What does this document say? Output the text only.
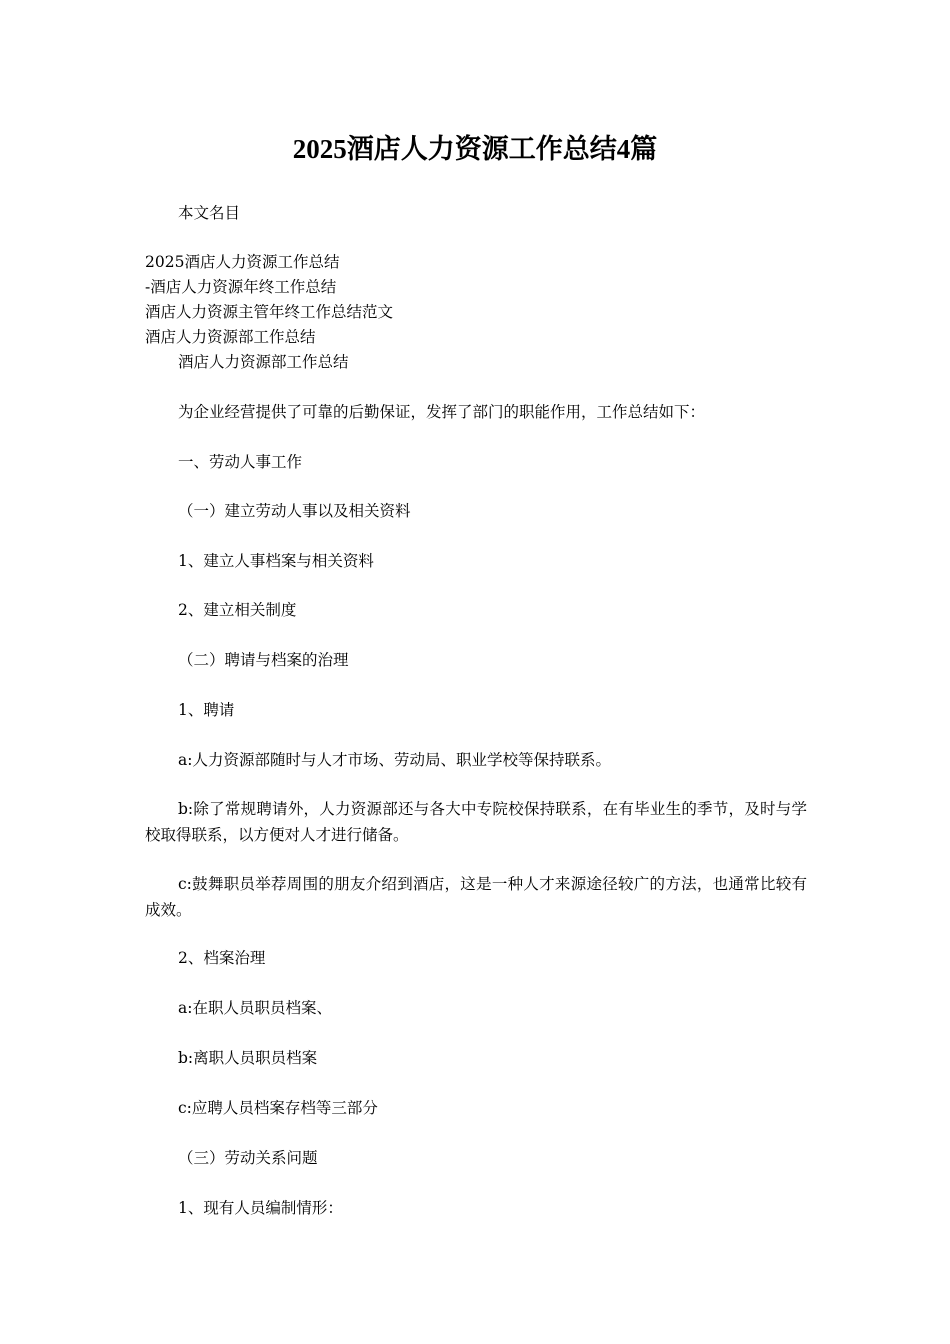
2025酒店人力资源工作总结4篇

本文名目

2025酒店人力资源工作总结

-酒店人力资源年终工作总结

酒店人力资源主管年终工作总结范文

酒店人力资源部工作总结

酒店人力资源部工作总结

为企业经营提供了可靠的后勤保证，发挥了部门的职能作用，工作总结如下：

一、劳动人事工作

（一）建立劳动人事以及相关资料

1、建立人事档案与相关资料

2、建立相关制度

（二）聘请与档案的治理

1、聘请

a:人力资源部随时与人才市场、劳动局、职业学校等保持联系。

b:除了常规聘请外，人力资源部还与各大中专院校保持联系，在有毕业生的季节，及时与学校取得联系，以方便对人才进行储备。

c:鼓舞职员举荐周围的朋友介绍到酒店，这是一种人才来源途径较广的方法，也通常比较有成效。

2、档案治理

a:在职人员职员档案、

b:离职人员职员档案

c:应聘人员档案存档等三部分

（三）劳动关系问题

1、现有人员编制情形：
